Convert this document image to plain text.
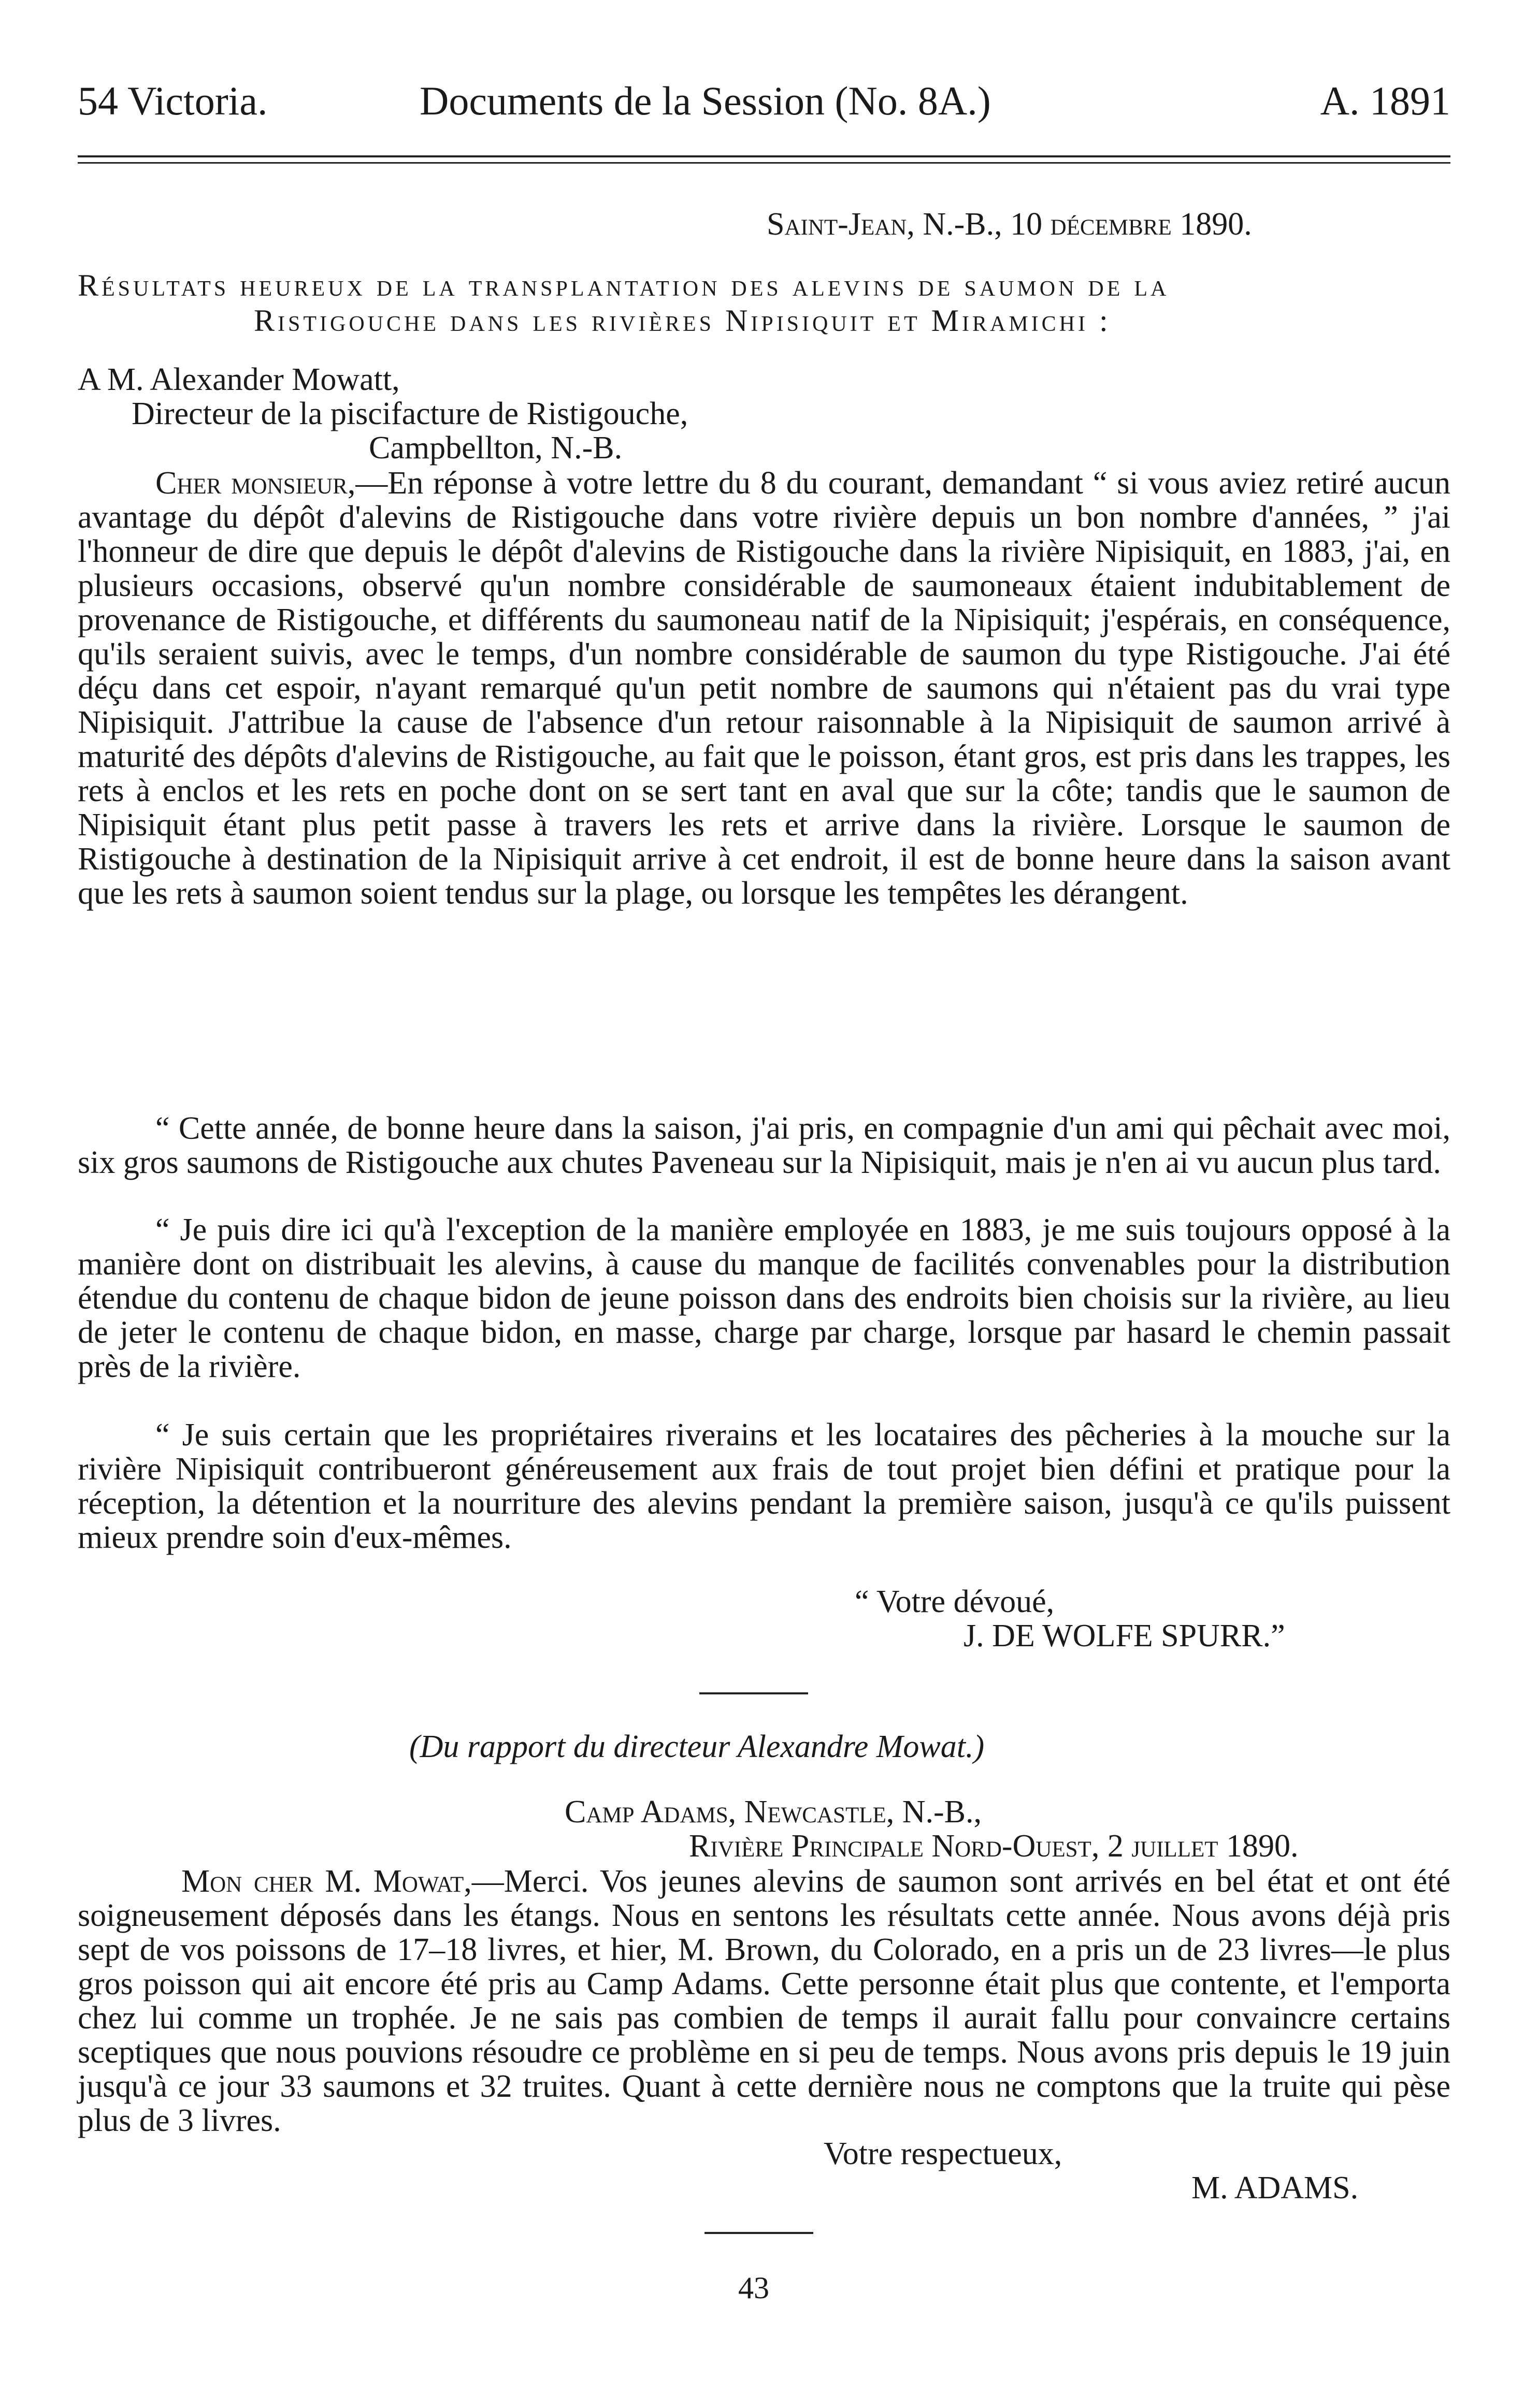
54 Victoria.	Documents de la Session (No. 8A.)	A. 1891
Saint-Jean, N.-B., 10 décembre 1890.
Résultats heureux de la transplantation des alevins de saumon de la
Ristigouche dans les rivières Nipisiquit et Miramichi :
A M. Alexander Mowatt,
Directeur de la piscifacture de Ristigouche,
Campbellton, N.-B.

Cher monsieur,—En réponse à votre lettre du 8 du courant, demandant “ si vous aviez retiré aucun avantage du dépôt d'alevins de Ristigouche dans votre rivière depuis un bon nombre d'années, ” j'ai l'honneur de dire que depuis le dépôt d'alevins de Ristigouche dans la rivière Nipisiquit, en 1883, j'ai, en plusieurs occasions, observé qu'un nombre considérable de saumoneaux étaient indubitablement de provenance de Ristigouche, et différents du saumoneau natif de la Nipisiquit; j'espérais, en conséquence, qu'ils seraient suivis, avec le temps, d'un nombre considérable de saumon du type Ristigouche. J'ai été déçu dans cet espoir, n'ayant remarqué qu'un petit nombre de saumons qui n'étaient pas du vrai type Nipisiquit. J'attribue la cause de l'absence d'un retour raisonnable à la Nipisiquit de saumon arrivé à maturité des dépôts d'alevins de Ristigouche, au fait que le poisson, étant gros, est pris dans les trappes, les rets à enclos et les rets en poche dont on se sert tant en aval que sur la côte; tandis que le saumon de Nipisiquit étant plus petit passe à travers les rets et arrive dans la rivière. Lorsque le saumon de Ristigouche à destination de la Nipisiquit arrive à cet endroit, il est de bonne heure dans la saison avant que les rets à saumon soient tendus sur la plage, ou lorsque les tempêtes les dérangent.

“ Cette année, de bonne heure dans la saison, j'ai pris, en compagnie d'un ami qui pêchait avec moi, six gros saumons de Ristigouche aux chutes Paveneau sur la Nipisiquit, mais je n'en ai vu aucun plus tard.

“ Je puis dire ici qu'à l'exception de la manière employée en 1883, je me suis toujours opposé à la manière dont on distribuait les alevins, à cause du manque de facilités convenables pour la distribution étendue du contenu de chaque bidon de jeune poisson dans des endroits bien choisis sur la rivière, au lieu de jeter le contenu de chaque bidon, en masse, charge par charge, lorsque par hasard le chemin passait près de la rivière.

“ Je suis certain que les propriétaires riverains et les locataires des pêcheries à la mouche sur la rivière Nipisiquit contribueront généreusement aux frais de tout projet bien défini et pratique pour la réception, la détention et la nourriture des alevins pendant la première saison, jusqu'à ce qu'ils puissent mieux prendre soin d'eux-mêmes.

“ Votre dévoué,
J. DE WOLFE SPURR.”
(Du rapport du directeur Alexandre Mowat.)
Camp Adams, Newcastle, N.-B.,
Rivière Principale Nord-Ouest, 2 juillet 1890.

Mon cher M. Mowat,—Merci. Vos jeunes alevins de saumon sont arrivés en bel état et ont été soigneusement déposés dans les étangs. Nous en sentons les résultats cette année. Nous avons déjà pris sept de vos poissons de 17–18 livres, et hier, M. Brown, du Colorado, en a pris un de 23 livres—le plus gros poisson qui ait encore été pris au Camp Adams. Cette personne était plus que contente, et l'emporta chez lui comme un trophée. Je ne sais pas combien de temps il aurait fallu pour convaincre certains sceptiques que nous pouvions résoudre ce problème en si peu de temps. Nous avons pris depuis le 19 juin jusqu'à ce jour 33 saumons et 32 truites. Quant à cette dernière nous ne comptons que la truite qui pèse plus de 3 livres.

Votre respectueux,
M. ADAMS.
43
